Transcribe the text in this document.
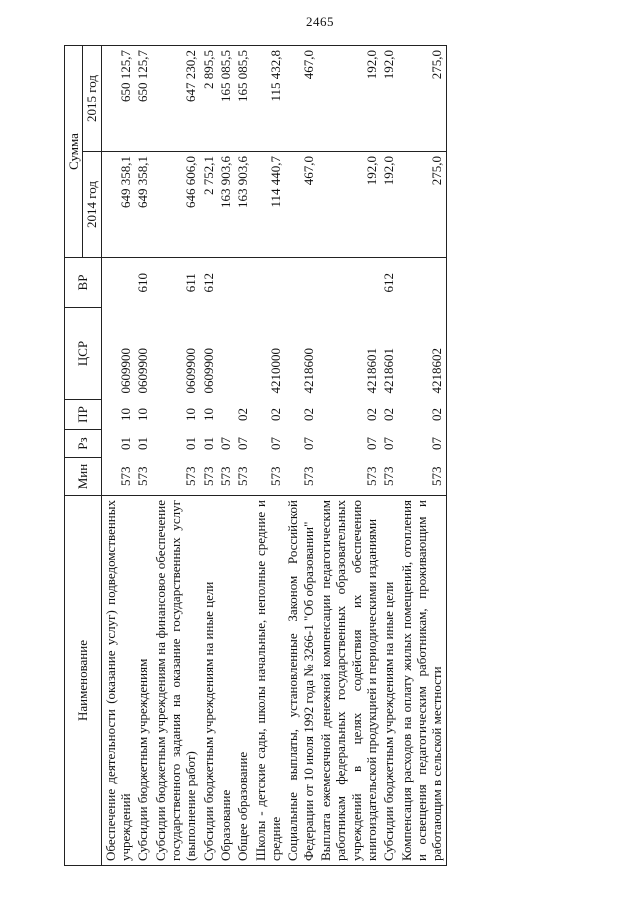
2465
Наименование	Мин	Рз	ПР	ЦСР	ВР	Сумма	
						2014 год	2015 год
Обеспечение деятельности (оказание услуг) подведомственных учреждений	573	01	10	0609900		649 358,1	650 125,7
Субсидии бюджетным учреждениям	573	01	10	0609900	610	649 358,1	650 125,7
Субсидии бюджетным учреждениям на финансовое обеспечение государственного задания на оказание государственных услуг (выполнение работ)	573	01	10	0609900	611	646 606,0	647 230,2
Субсидии бюджетным учреждениям на иные цели	573	01	10	0609900	612	2 752,1	2 895,5
Образование	573	07				163 903,6	165 085,5
Общее образование	573	07	02			163 903,6	165 085,5
Школы - детские сады, школы начальные, неполные средние и средние	573	07	02	4210000		114 440,7	115 432,8
Социальные выплаты, установленные Законом Российской Федерации от 10 июля 1992 года № 3266-1 "Об образовании"	573	07	02	4218600		467,0	467,0
Выплата ежемесячной денежной компенсации педагогическим работникам федеральных государственных образовательных учреждений в целях содействия их обеспечению книгоиздательской продукцией и периодическими изданиями	573	07	02	4218601		192,0	192,0
Субсидии бюджетным учреждениям на иные цели	573	07	02	4218601	612	192,0	192,0
Компенсация расходов на оплату жилых помещений, отопления и освещения педагогическим работникам, проживающим и работающим в сельской местности	573	07	02	4218602		275,0	275,0
